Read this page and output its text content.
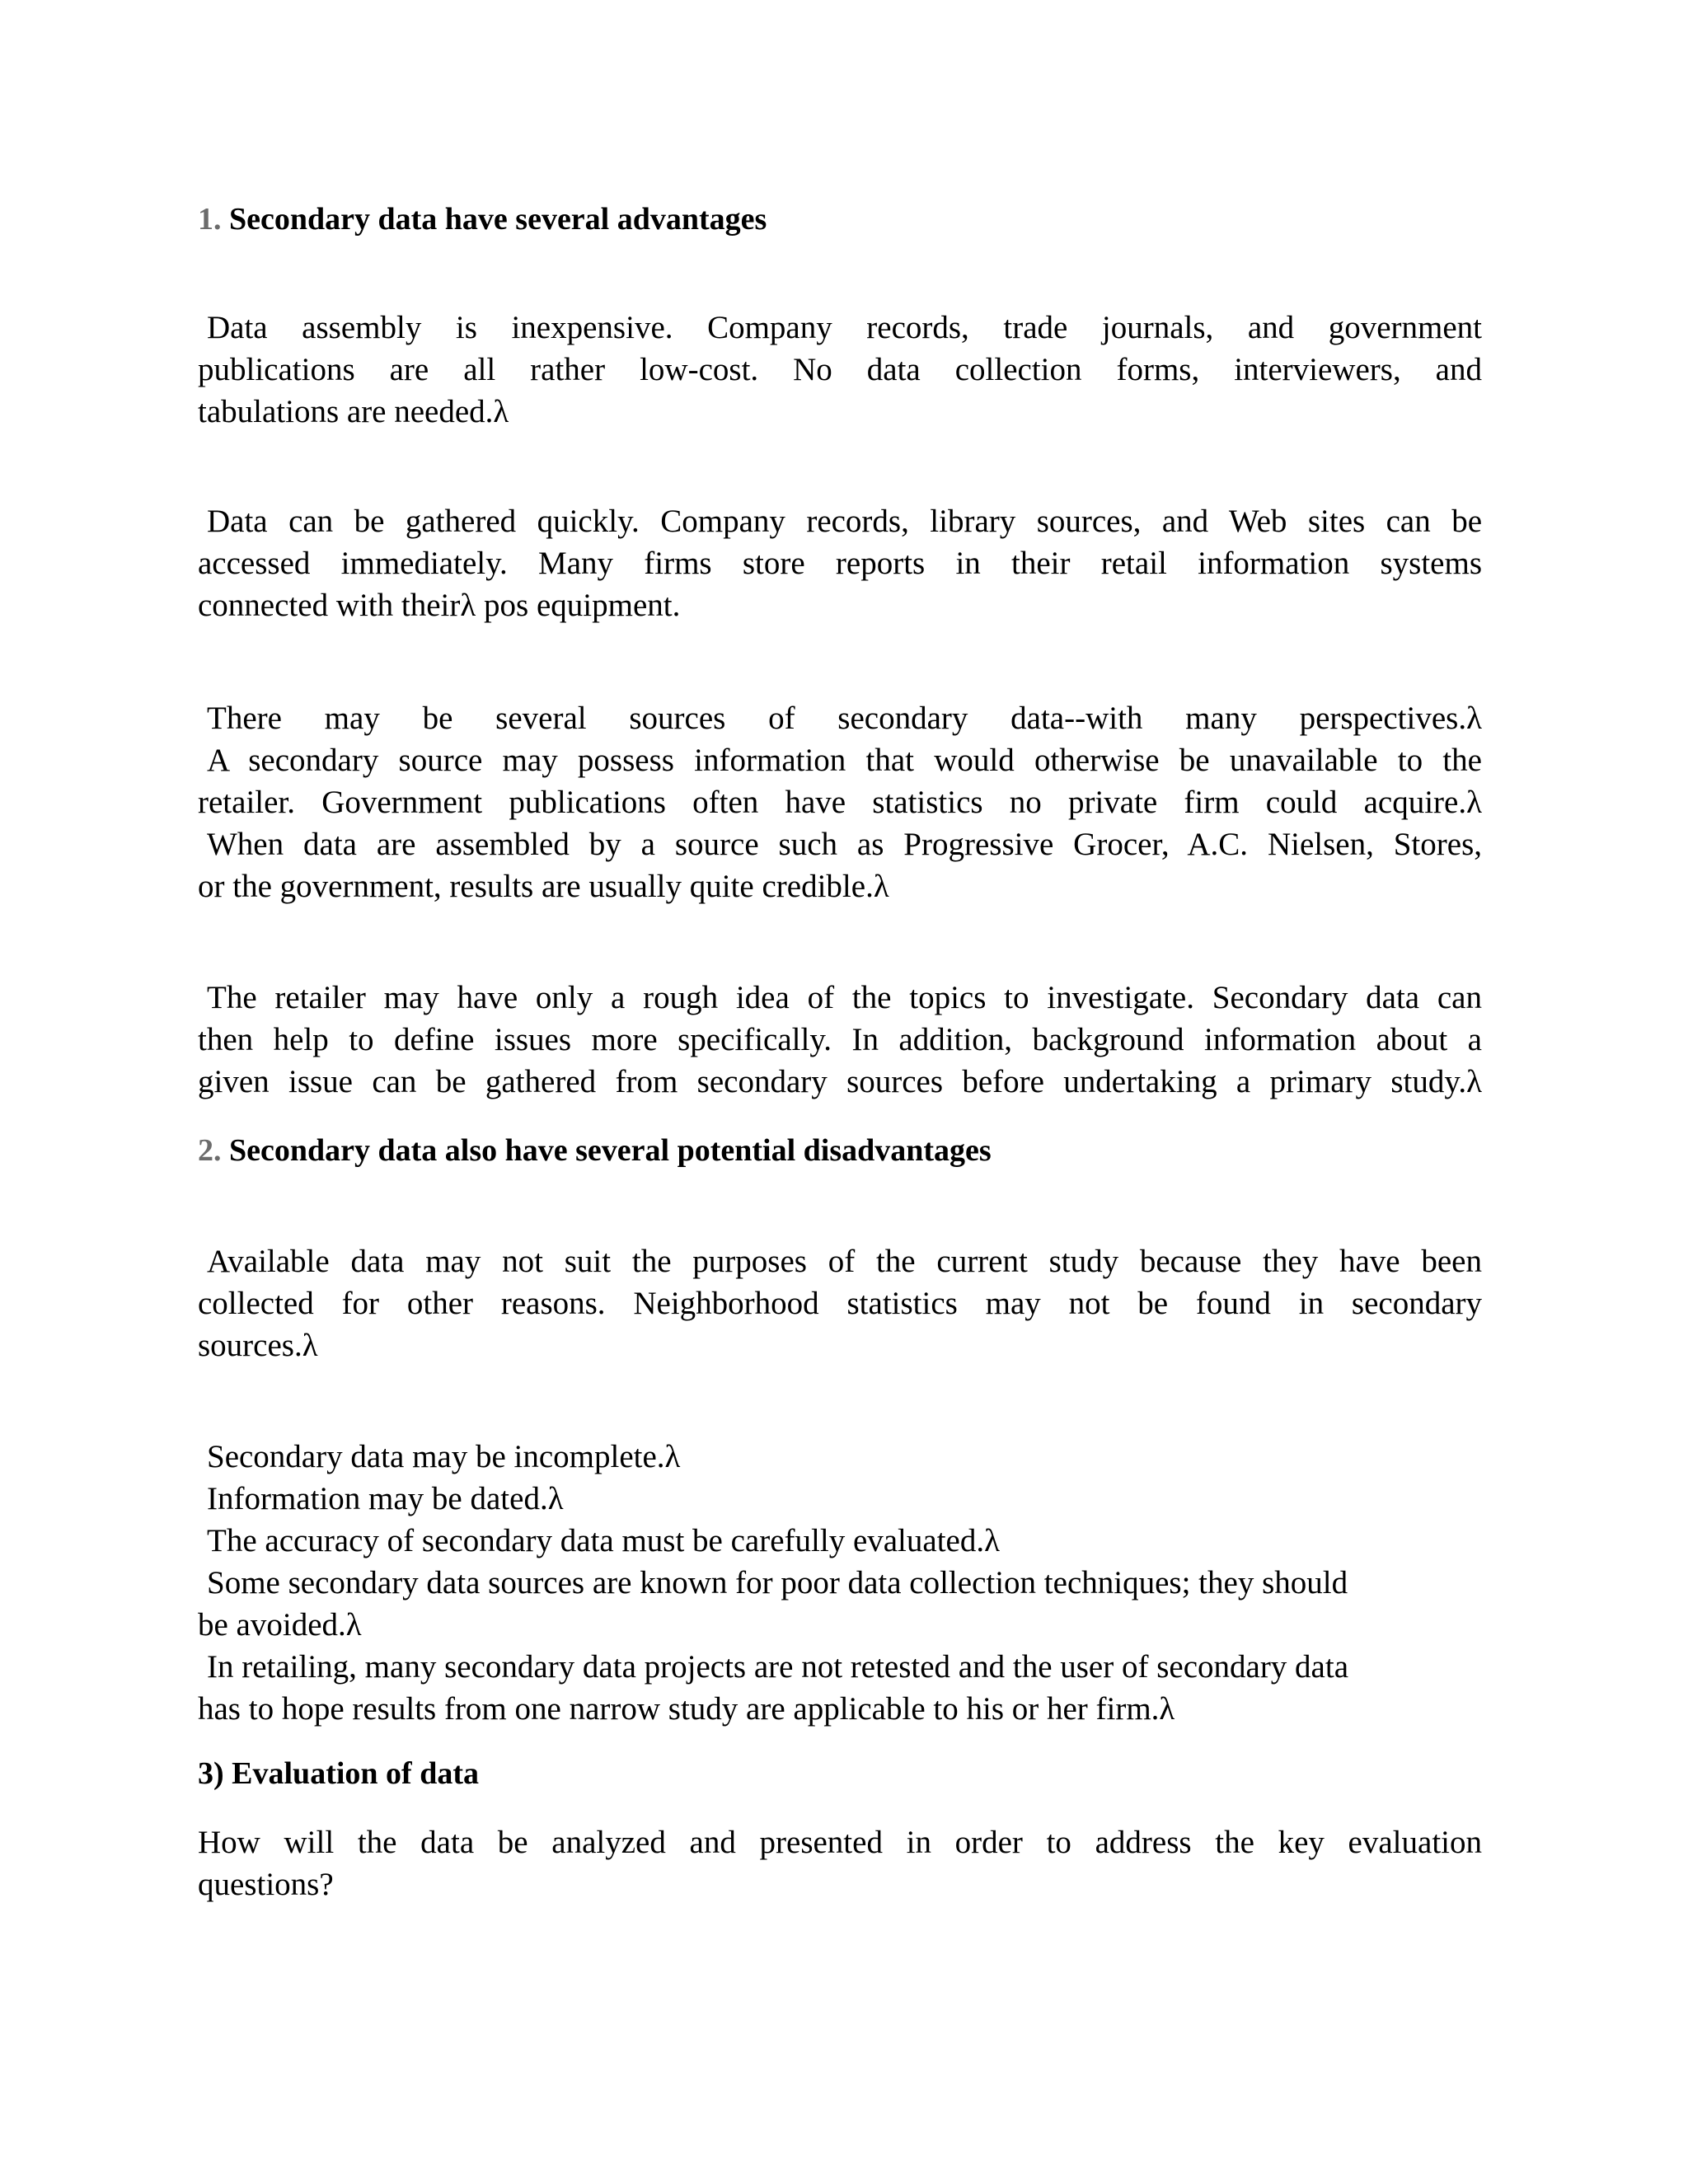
1. Secondary data have several advantages
Data assembly is inexpensive. Company records, trade journals, and government
publications are all rather low-cost. No data collection forms, interviewers, and
tabulations are needed.λ
Data can be gathered quickly. Company records, library sources, and Web sites can be
accessed immediately. Many firms store reports in their retail information systems
connected with theirλ pos equipment.
There may be several sources of secondary data--with many perspectives.λ
A secondary source may possess information that would otherwise be unavailable to the
retailer. Government publications often have statistics no private firm could acquire.λ
When data are assembled by a source such as Progressive Grocer, A.C. Nielsen, Stores,
or the government, results are usually quite credible.λ
The retailer may have only a rough idea of the topics to investigate. Secondary data can
then help to define issues more specifically. In addition, background information about a
given issue can be gathered from secondary sources before undertaking a primary study.λ
2. Secondary data also have several potential disadvantages
Available data may not suit the purposes of the current study because they have been
collected for other reasons. Neighborhood statistics may not be found in secondary
sources.λ
Secondary data may be incomplete.λ
Information may be dated.λ
The accuracy of secondary data must be carefully evaluated.λ
Some secondary data sources are known for poor data collection techniques; they should
be avoided.λ
In retailing, many secondary data projects are not retested and the user of secondary data
has to hope results from one narrow study are applicable to his or her firm.λ
3) Evaluation of data
How will the data be analyzed and presented in order to address the key evaluation
questions?
